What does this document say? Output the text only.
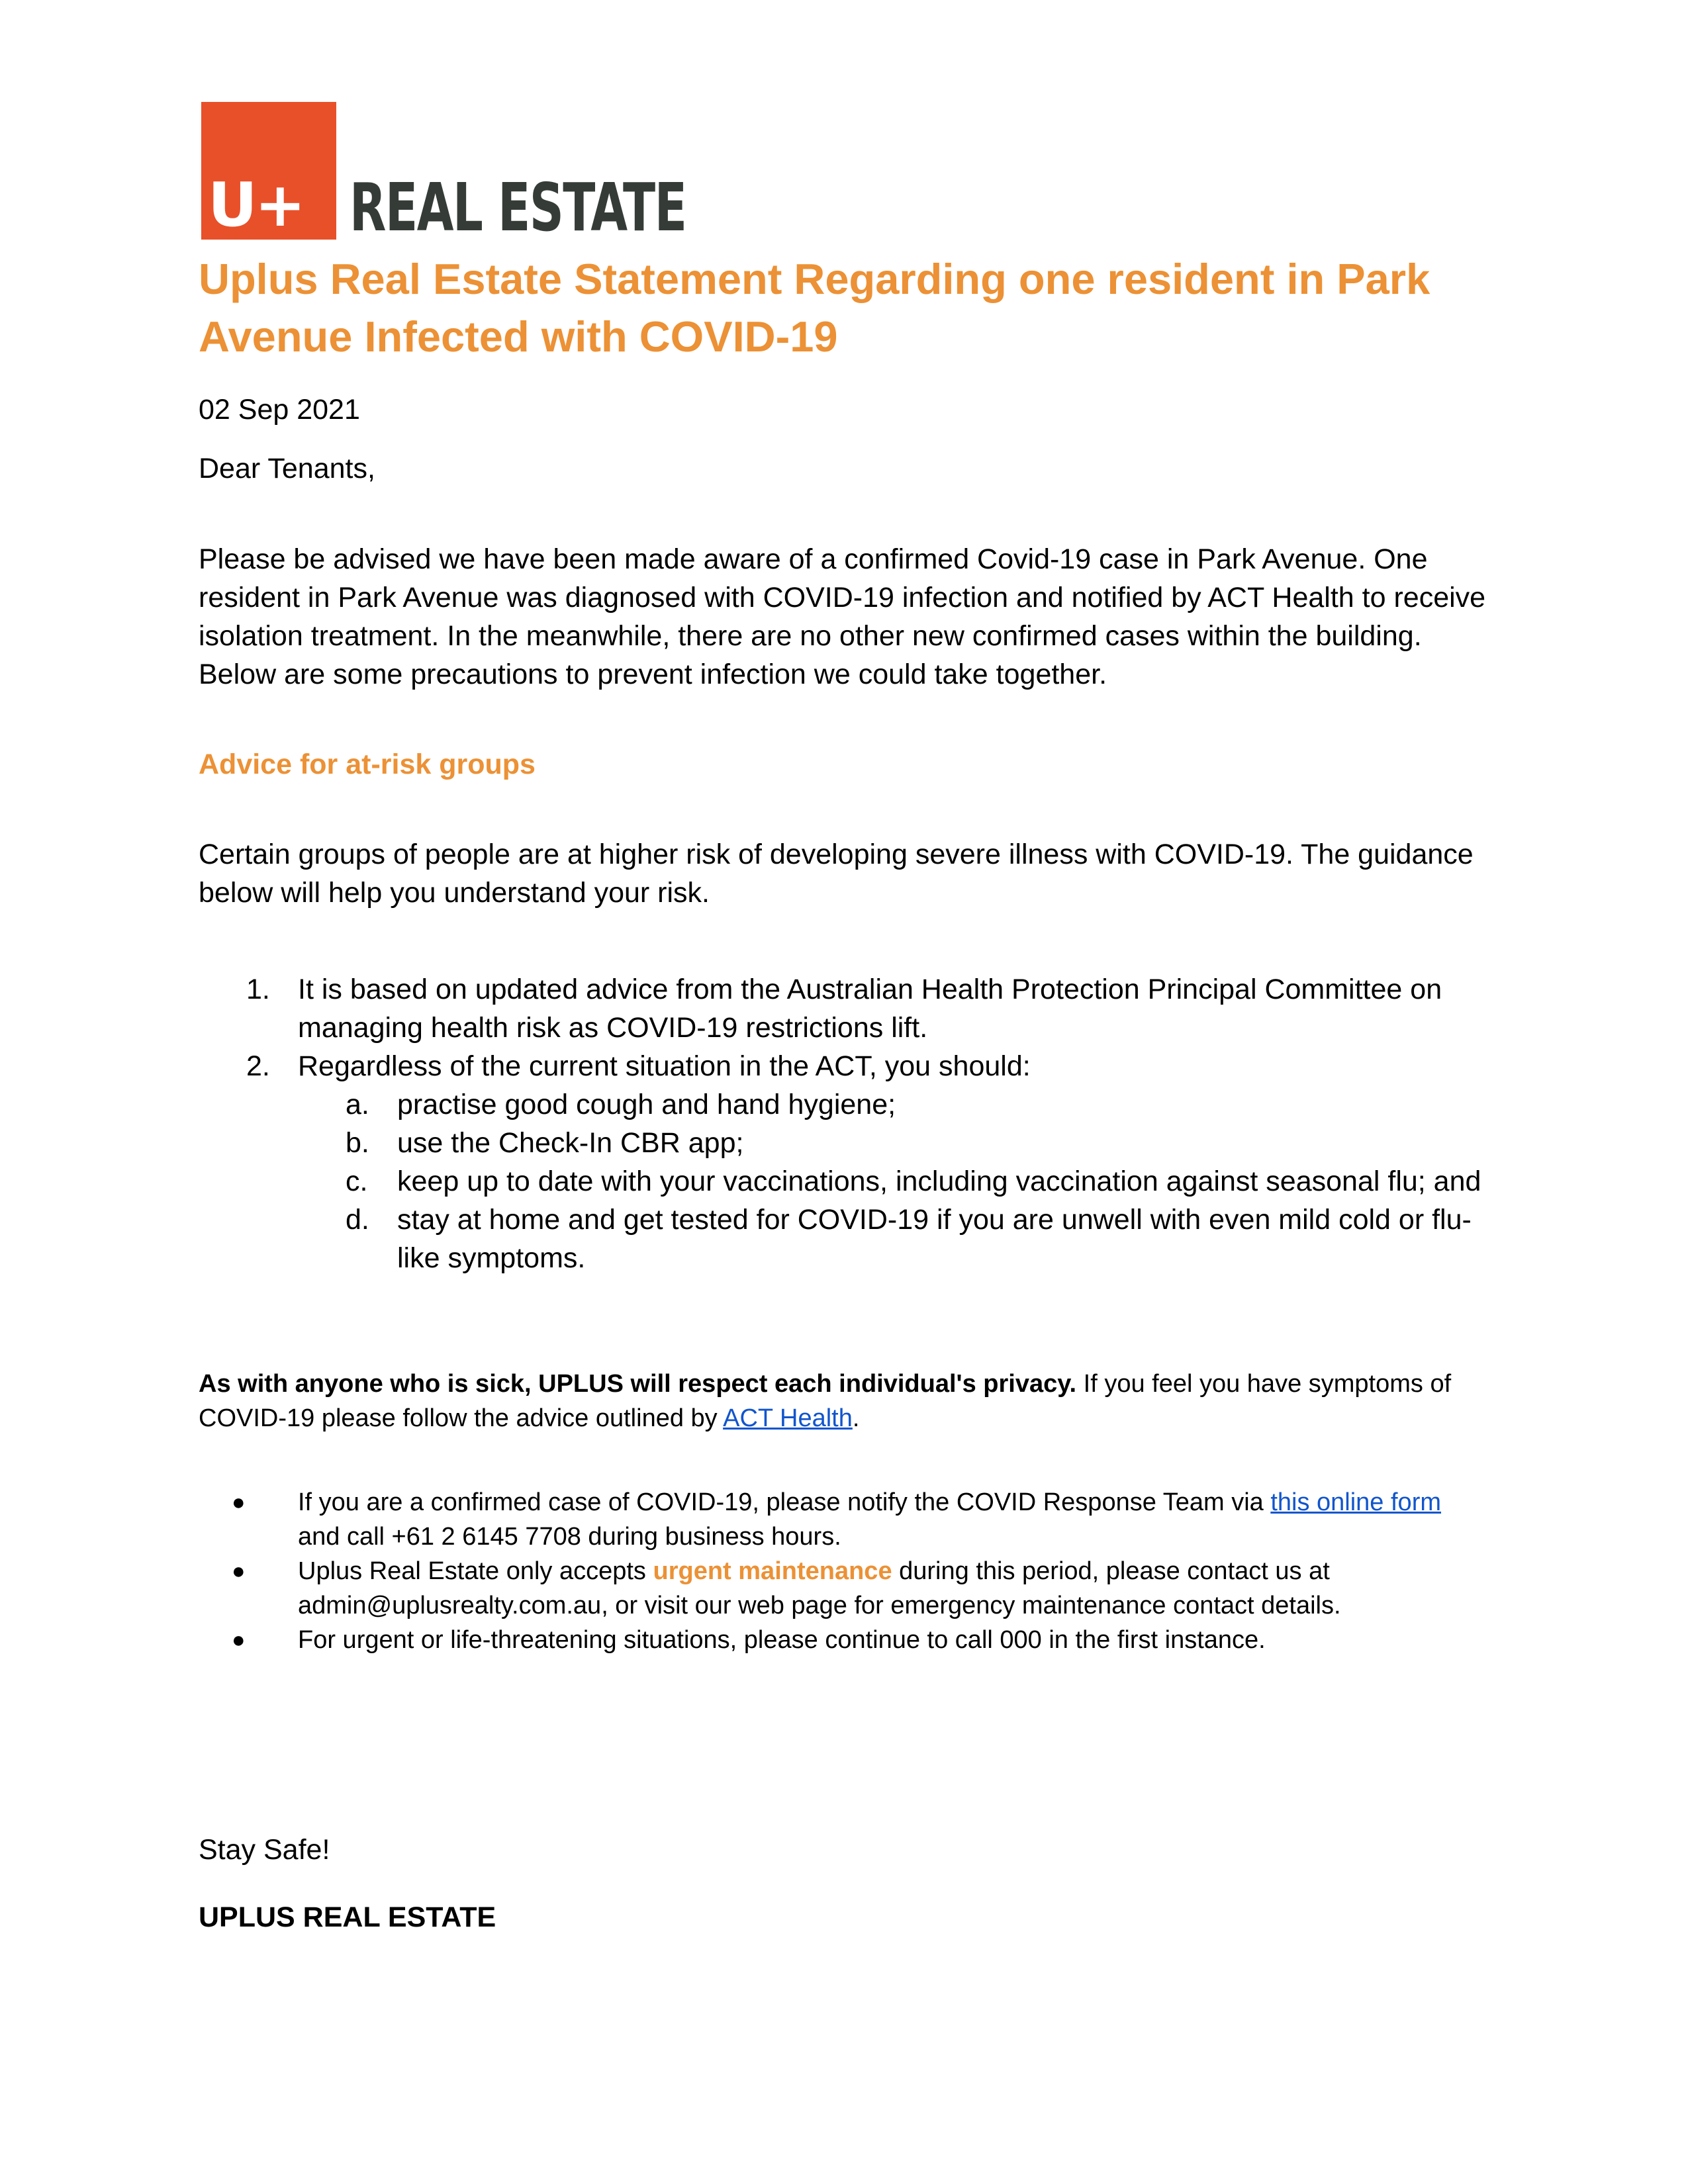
U+ REAL ESTATE
Uplus Real Estate Statement Regarding one resident in Park Avenue Infected with COVID-19

02 Sep 2021

Dear Tenants,

Please be advised we have been made aware of a confirmed Covid-19 case in Park Avenue. One resident in Park Avenue was diagnosed with COVID-19 infection and notified by ACT Health to receive isolation treatment. In the meanwhile, there are no other new confirmed cases within the building. Below are some precautions to prevent infection we could take together.

Advice for at-risk groups

Certain groups of people are at higher risk of developing severe illness with COVID-19. The guidance below will help you understand your risk.

1. It is based on updated advice from the Australian Health Protection Principal Committee on managing health risk as COVID-19 restrictions lift.
2. Regardless of the current situation in the ACT, you should:
a. practise good cough and hand hygiene;
b. use the Check-In CBR app;
c. keep up to date with your vaccinations, including vaccination against seasonal flu; and
d. stay at home and get tested for COVID-19 if you are unwell with even mild cold or flu-like symptoms.

As with anyone who is sick, UPLUS will respect each individual's privacy. If you feel you have symptoms of COVID-19 please follow the advice outlined by ACT Health.

● If you are a confirmed case of COVID-19, please notify the COVID Response Team via this online form and call +61 2 6145 7708 during business hours.
● Uplus Real Estate only accepts urgent maintenance during this period, please contact us at admin@uplusrealty.com.au, or visit our web page for emergency maintenance contact details.
● For urgent or life-threatening situations, please continue to call 000 in the first instance.

Stay Safe!

UPLUS REAL ESTATE
